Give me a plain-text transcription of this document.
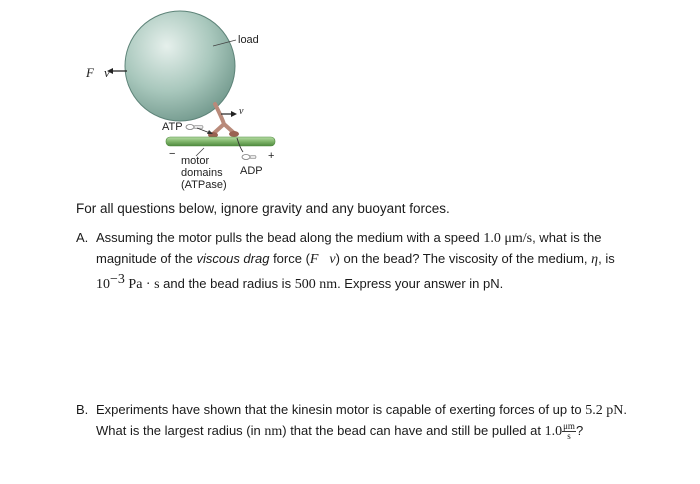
load
F⃗v
v
−	+
ATP
ADP
motor
domains
(ATPase)

For all questions below, ignore gravity and any buoyant forces.

A. Assuming the motor pulls the bead along the medium with a speed 1.0 μm/s, what is the
magnitude of the viscous drag force (F⃗v) on the bead? The viscosity of the medium, η, is
$10^{-3}$ Pa · s and the bead radius is 500 nm. Express your answer in pN.
B. Experiments have shown that the kinesin motor is capable of exerting forces of up to 5.2 pN.
What is the largest radius (in nm) that the bead can have and still be pulled at $1.0 \frac{\mu m}{s}$ ?
